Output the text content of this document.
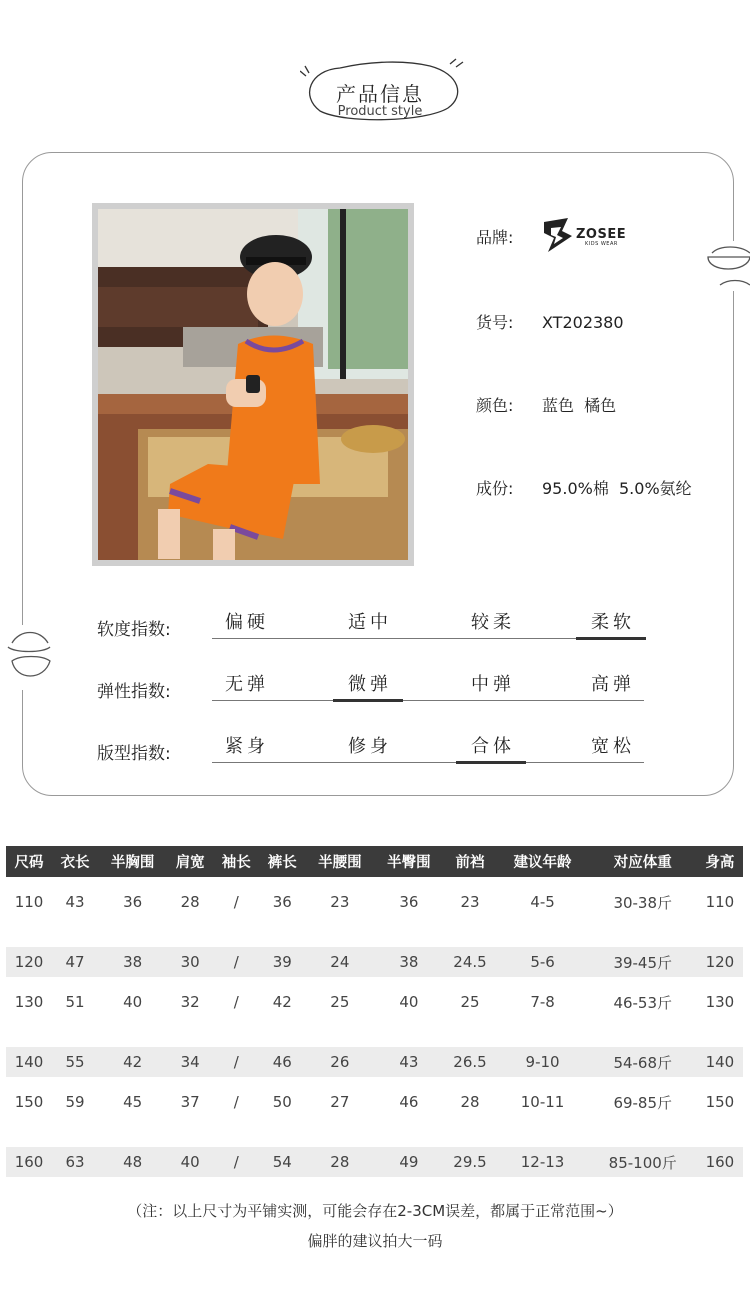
产品信息
Product style
品牌:	ZOSEE
KIDS WEAR
货号: XT202380
颜色: 蓝色  橘色
成份: 95.0%棉  5.0%氨纶
软度指数:	偏硬	适中	较柔	柔软
弹性指数:	无弹	微弹	中弹	高弹
版型指数:	紧身	修身	合体	宽松
尺码	衣长	半胸围	肩宽	袖长	裤长	半腰围	半臀围	前裆	建议年龄	对应体重	身高
110	43	36	28	/	36	23	36	23	4-5	30-38斤	110

120	47	38	30	/	39	24	38	24.5	5-6	39-45斤	120
130	51	40	32	/	42	25	40	25	7-8	46-53斤	130

140	55	42	34	/	46	26	43	26.5	9-10	54-68斤	140
150	59	45	37	/	50	27	46	28	10-11	69-85斤	150

160	63	48	40	/	54	28	49	29.5	12-13	85-100斤	160
（注：以上尺寸为平铺实测，可能会存在2-3CM误差，都属于正常范围~）
偏胖的建议拍大一码
